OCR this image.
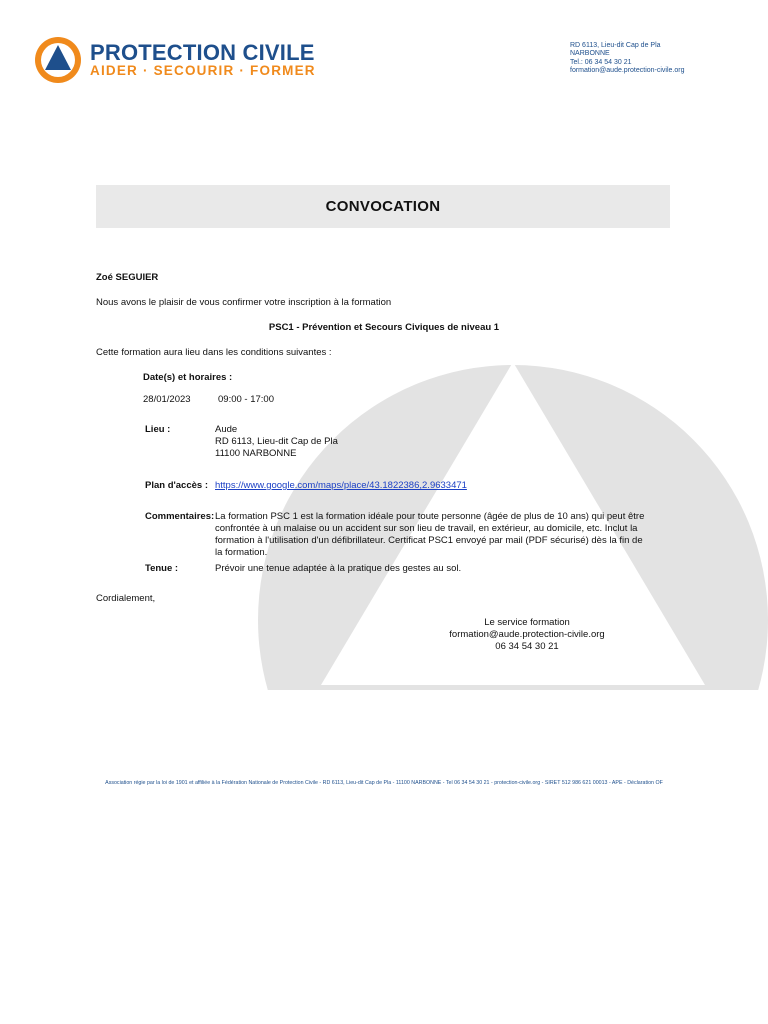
PROTECTION CIVILE
AIDER · SECOURIR · FORMER
RD 6113, Lieu-dit Cap de Pla
NARBONNE
Tel.: 06 34 54 30 21
formation@aude.protection-civile.org
CONVOCATION
Zoé SEGUIER
Nous avons le plaisir de vous confirmer votre inscription à la formation
PSC1 - Prévention et Secours Civiques de niveau 1
Cette formation aura lieu dans les conditions suivantes :
Date(s) et horaires :
28/01/2023	09:00 - 17:00
Lieu :	Aude
RD 6113, Lieu-dit Cap de Pla
11100 NARBONNE
Plan d'accès : https://www.google.com/maps/place/43.1822386,2.9633471
Commentaires: La formation PSC 1 est la formation idéale pour toute personne (âgée de plus de 10 ans) qui peut être
confrontée à un malaise ou un accident sur son lieu de travail, en extérieur, au domicile, etc. Inclut la
formation à l'utilisation d'un défibrillateur. Certificat PSC1 envoyé par mail (PDF sécurisé) dès la fin de
la formation.
Tenue :	Prévoir une tenue adaptée à la pratique des gestes au sol.
Cordialement,
Le service formation
formation@aude.protection-civile.org
06 34 54 30 21
Association régie par la loi de 1901 et affiliée à la Fédération Nationale de Protection Civile - RD 6113, Lieu-dit Cap de Pla - 11100 NARBONNE - Tel 06 34 54 30 21 - protection-civile.org - SIRET 512 986 621 00013 - APE - Déclaration OF
